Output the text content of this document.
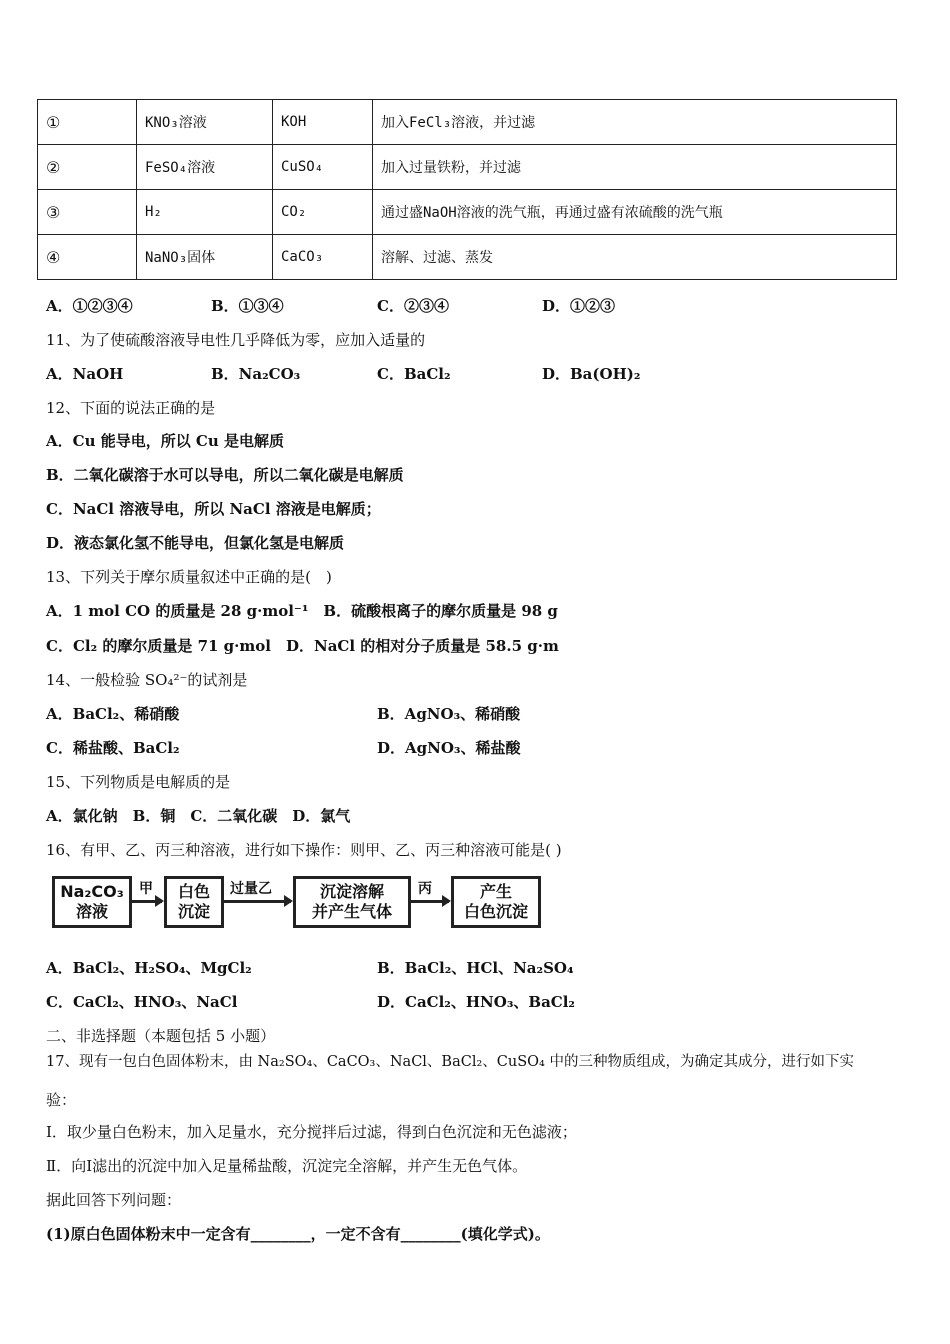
①	KNO₃溶液	KOH	加入FeCl₃溶液，并过滤
②	FeSO₄溶液	CuSO₄	加入过量铁粉，并过滤
③	H₂	CO₂	通过盛NaOH溶液的洗气瓶，再通过盛有浓硫酸的洗气瓶
④	NaNO₃固体	CaCO₃	溶解、过滤、蒸发
A．①②③④	B．①③④	C．②③④	D．①②③
11、为了使硫酸溶液导电性几乎降低为零，应加入适量的
A．NaOH	B．Na₂CO₃	C．BaCl₂	D．Ba(OH)₂
12、下面的说法正确的是
A．Cu 能导电，所以 Cu 是电解质
B．二氧化碳溶于水可以导电，所以二氧化碳是电解质
C．NaCl 溶液导电，所以 NaCl 溶液是电解质；
D．液态氯化氢不能导电，但氯化氢是电解质
13、下列关于摩尔质量叙述中正确的是(　)
A．1 mol CO 的质量是 28 g·mol⁻¹　B．硫酸根离子的摩尔质量是 98 g
C．Cl₂ 的摩尔质量是 71 g·mol　D．NaCl 的相对分子质量是 58.5 g·m
14、一般检验 SO₄²⁻的试剂是
A．BaCl₂、稀硝酸	B．AgNO₃、稀硝酸
C．稀盐酸、BaCl₂	D．AgNO₃、稀盐酸
15、下列物质是电解质的是
A．氯化钠　B．铜　C．二氧化碳　D．氯气
16、有甲、乙、丙三种溶液，进行如下操作：则甲、乙、丙三种溶液可能是( )
Na₂CO₃
溶液
甲	白色
沉淀
过量乙	沉淀溶解
并产生气体
丙	产生
白色沉淀
A．BaCl₂、H₂SO₄、MgCl₂	B．BaCl₂、HCl、Na₂SO₄
C．CaCl₂、HNO₃、NaCl	D．CaCl₂、HNO₃、BaCl₂
二、非选择题（本题包括 5 小题）
17、现有一包白色固体粉末，由 Na₂SO₄、CaCO₃、NaCl、BaCl₂、CuSO₄ 中的三种物质组成，为确定其成分，进行如下实
验：
Ⅰ．取少量白色粉末，加入足量水，充分搅拌后过滤，得到白色沉淀和无色滤液；
Ⅱ．向Ⅰ滤出的沉淀中加入足量稀盐酸，沉淀完全溶解，并产生无色气体。
据此回答下列问题：
(1)原白色固体粉末中一定含有________，一定不含有________(填化学式)。
